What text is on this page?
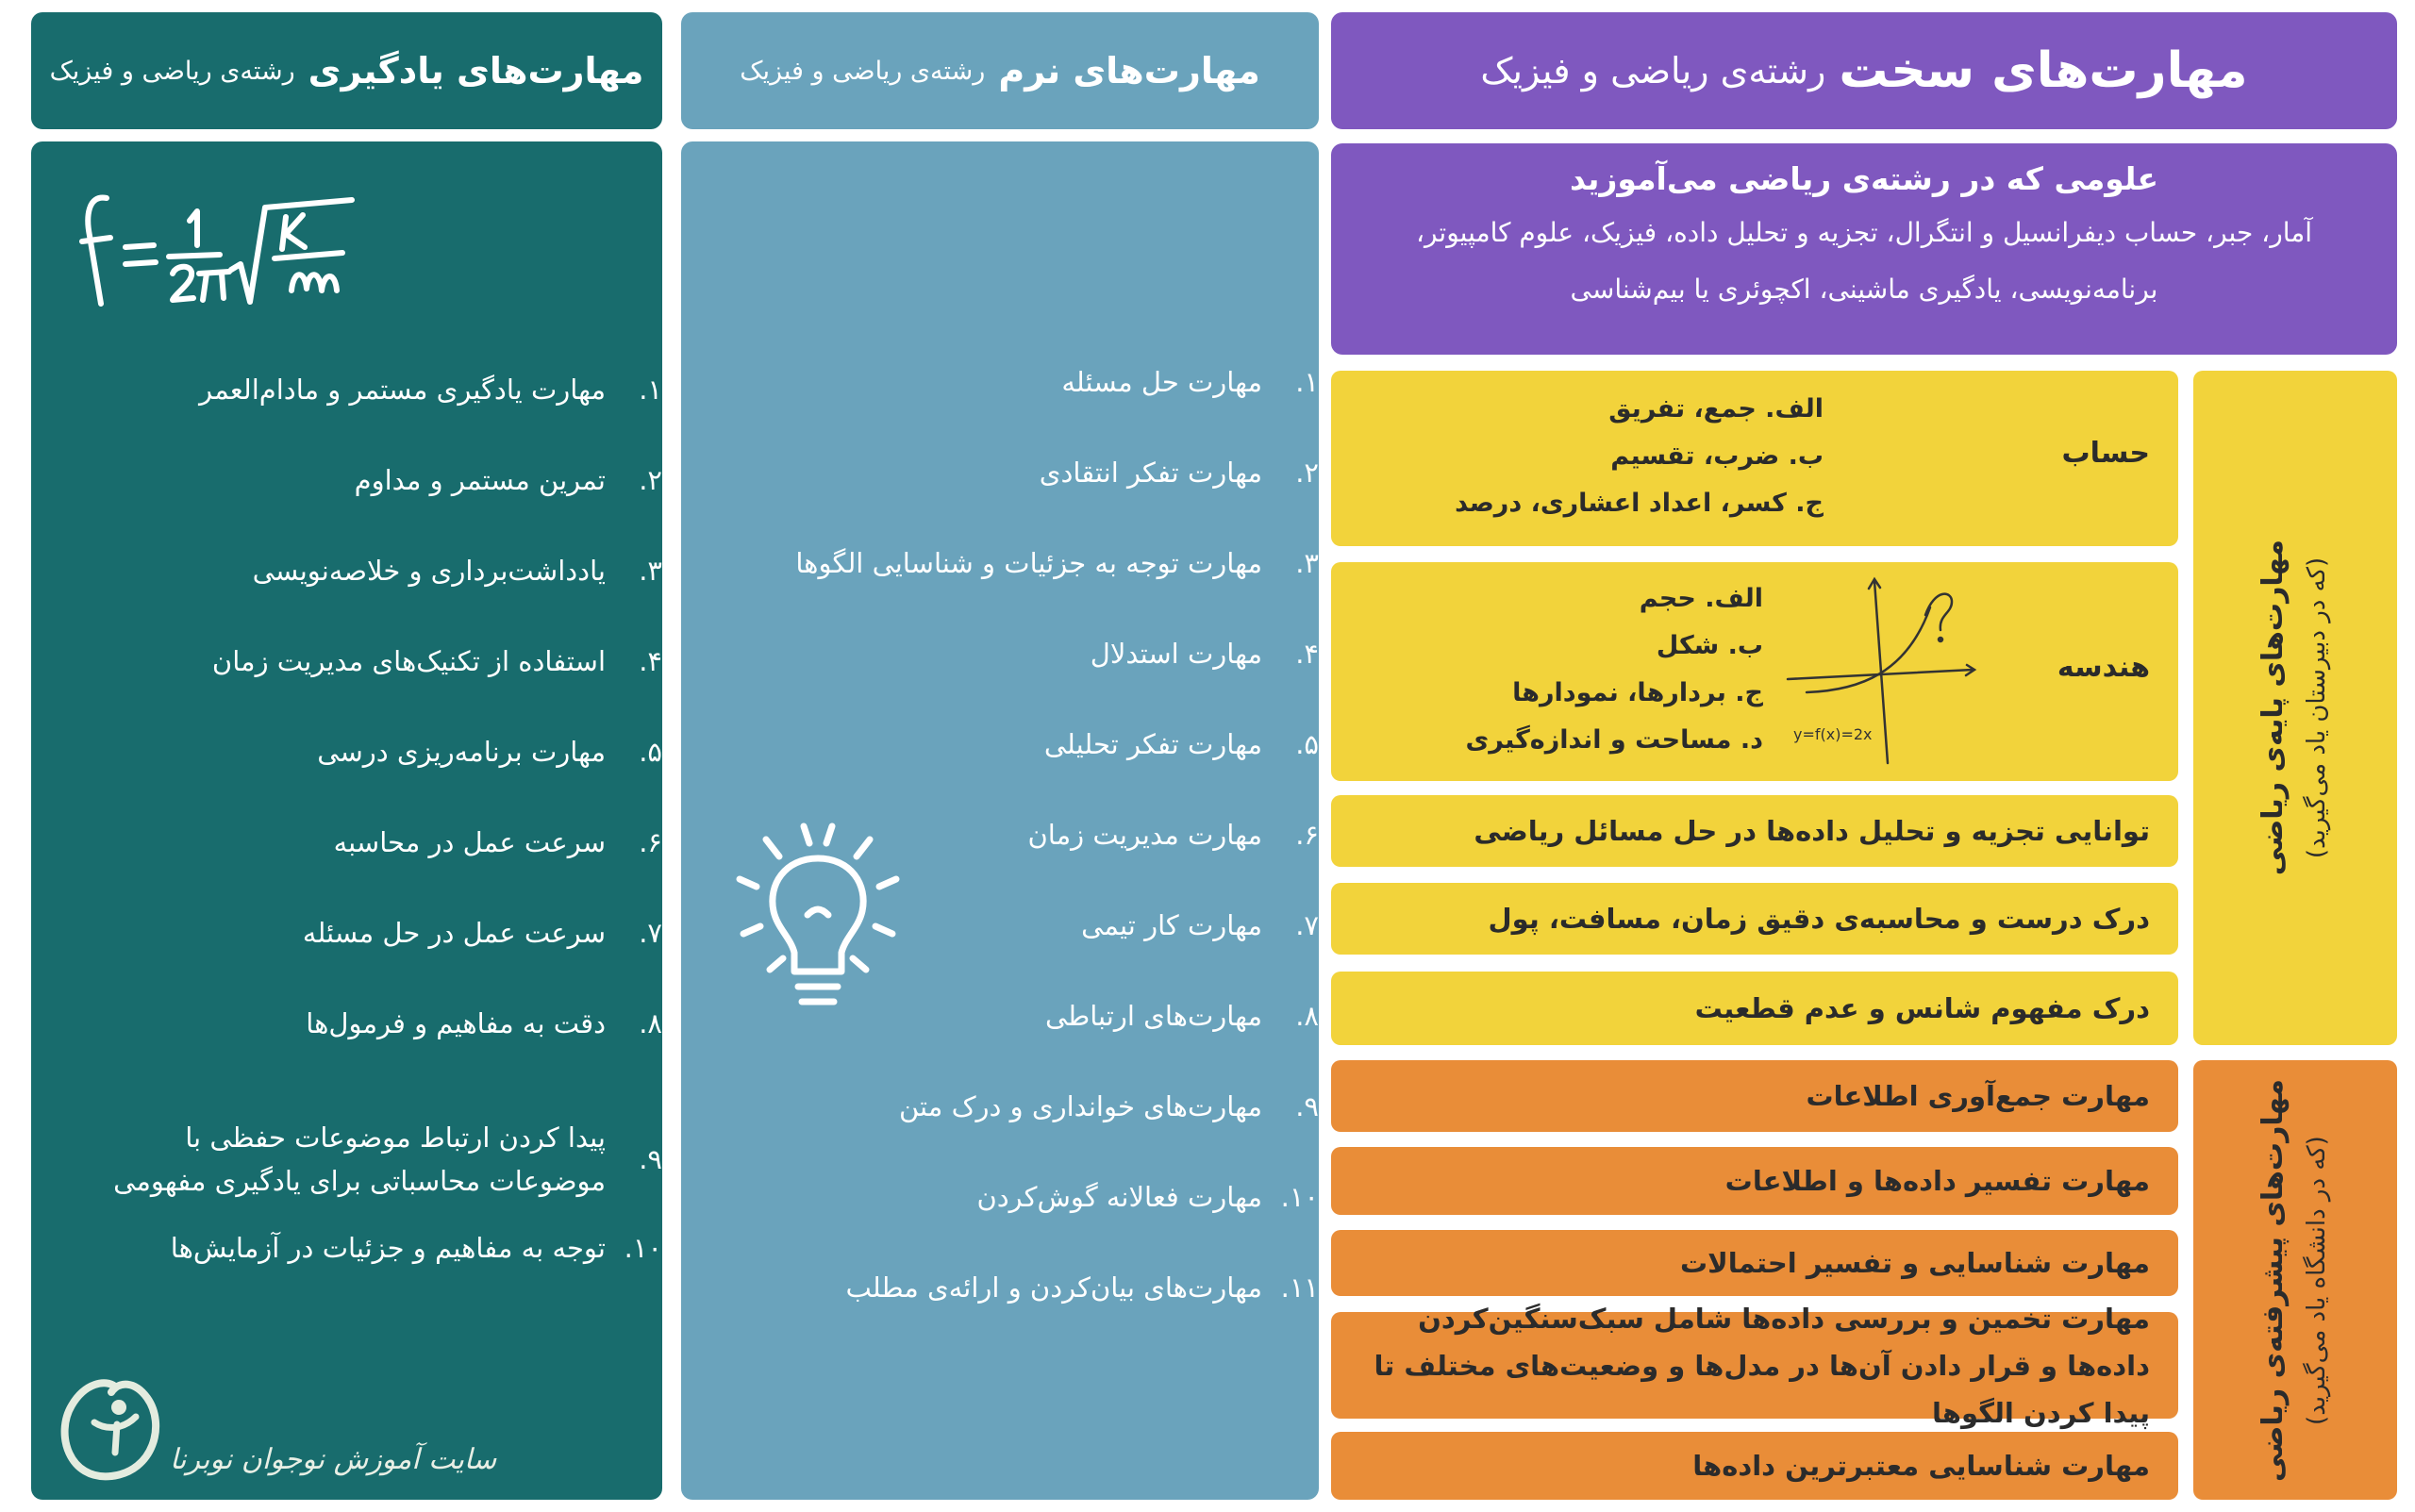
مهارت‌های سخت
رشته‌ی ریاضی و فیزیک
مهارت‌های نرم
رشته‌ی ریاضی و فیزیک
مهارت‌های یادگیری
رشته‌ی ریاضی و فیزیک
۱.
مهارت یادگیری مستمر و مادام‌العمر
۲.
تمرین مستمر و مداوم
۳.
یادداشت‌برداری و خلاصه‌نویسی
۴.
استفاده از تکنیک‌های مدیریت زمان
۵.
مهارت برنامه‌ریزی درسی
۶.
سرعت عمل در محاسبه
۷.
سرعت عمل در حل مسئله
۸.
دقت به مفاهیم و فرمول‌ها
۹.
پیدا کردن ارتباط موضوعات حفظی با موضوعات محاسباتی برای یادگیری مفهومی
۱۰.
توجه به مفاهیم و جزئیات در آزمایش‌ها
سایت آموزش نوجوان نوبرنا
۱.
مهارت حل مسئله
۲.
مهارت تفکر انتقادی
۳.
مهارت توجه به جزئیات و شناسایی الگوها
۴.
مهارت استدلال
۵.
مهارت تفکر تحلیلی
۶.
مهارت مدیریت زمان
۷.
مهارت کار تیمی
۸.
مهارت‌های ارتباطی
۹.
مهارت‌های خوانداری و درک متن
۱۰.
مهارت فعالانه گوش‌کردن
۱۱.
مهارت‌های بیان‌کردن و ارائه‌ی مطلب
علومی که در رشته‌ی ریاضی می‌آموزید
آمار، جبر، حساب دیفرانسیل و انتگرال، تجزیه و تحلیل داده، فیزیک، علوم کامپیوتر،
برنامه‌نویسی، یادگیری ماشینی، اکچوئری یا بیم‌شناسی
مهارت‌های پایه‌ی ریاضی (که در دبیرستان یاد می‌گیرید)
حساب
الف. جمع، تفریق
ب. ضرب، تقسیم
ج. کسر، اعداد اعشاری، درصد
هندسه
الف. حجم
ب. شکل
ج. بردارها، نمودارها
د. مساحت و اندازه‌گیری y=f(x)=2x
توانایی تجزیه و تحلیل داده‌ها در حل مسائل ریاضی
درک درست و محاسبه‌ی دقیق زمان، مسافت، پول
درک مفهوم شانس و عدم قطعیت
مهارت‌های پیشرفته‌ی ریاضی (که در دانشگاه یاد می‌گیرید)
مهارت جمع‌آوری اطلاعات
مهارت تفسیر داده‌ها و اطلاعات
مهارت شناسایی و تفسیر احتمالات
مهارت تخمین و بررسی داده‌ها شامل سبک‌سنگین‌کردن داده‌ها و قرار دادن آن‌ها در مدل‌ها و وضعیت‌های مختلف تا پیدا کردن الگوها
مهارت شناسایی معتبرترین داده‌ها
